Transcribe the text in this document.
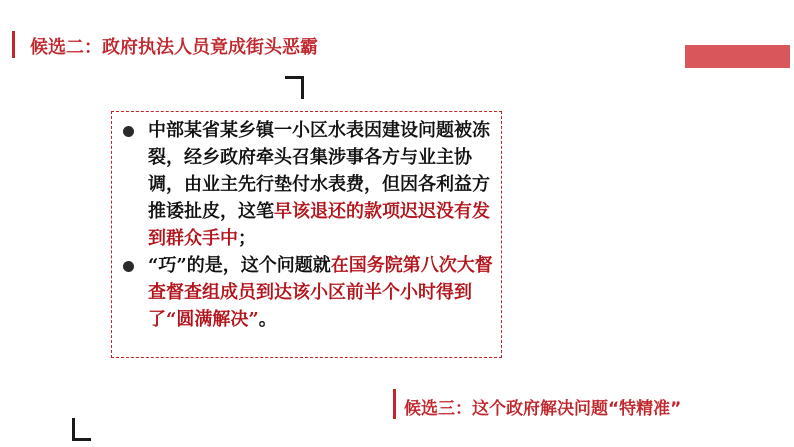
候选二：政府执法人员竟成街头恶霸
中部某省某乡镇一小区水表因建设问题被冻裂，经乡政府牵头召集涉事各方与业主协调，由业主先行垫付水表费，但因各利益方推诿扯皮，这笔早该退还的款项迟迟没有发到群众手中；
“巧”的是，这个问题就在国务院第八次大督查督查组成员到达该小区前半个小时得到了“圆满解决”。
候选三：这个政府解决问题“特精准”
